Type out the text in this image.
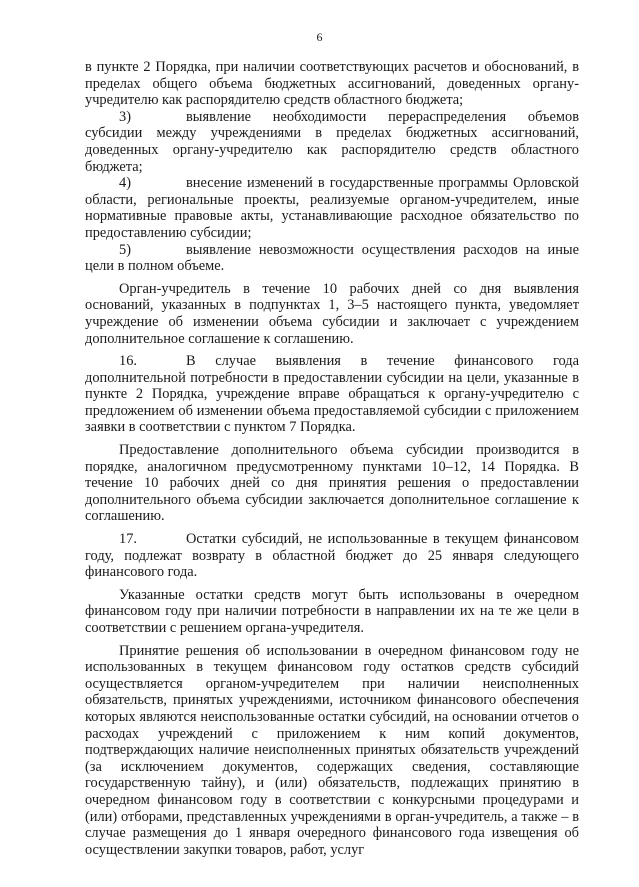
6

в пункте 2 Порядка, при наличии соответствующих расчетов и обоснований, в пределах общего объема бюджетных ассигнований, доведенных органу-учредителю как распорядителю средств областного бюджета;

3)	выявление необходимости перераспределения объемов субсидии между учреждениями в пределах бюджетных ассигнований, доведенных органу-учредителю как распорядителю средств областного бюджета;

4)	внесение изменений в государственные программы Орловской области, региональные проекты, реализуемые органом-учредителем, иные нормативные правовые акты, устанавливающие расходное обязательство по предоставлению субсидии;

5)	выявление невозможности осуществления расходов на иные цели в полном объеме.

Орган-учредитель в течение 10 рабочих дней со дня выявления оснований, указанных в подпунктах 1, 3–5 настоящего пункта, уведомляет учреждение об изменении объема субсидии и заключает с учреждением дополнительное соглашение к соглашению.

16.	В случае выявления в течение финансового года дополнительной потребности в предоставлении субсидии на цели, указанные в пункте 2 Порядка, учреждение вправе обращаться к органу-учредителю с предложением об изменении объема предоставляемой субсидии с приложением заявки в соответствии с пунктом 7 Порядка.

Предоставление дополнительного объема субсидии производится в порядке, аналогичном предусмотренному пунктами 10–12, 14 Порядка. В течение 10 рабочих дней со дня принятия решения о предоставлении дополнительного объема субсидии заключается дополнительное соглашение к соглашению.

17.	Остатки субсидий, не использованные в текущем финансовом году, подлежат возврату в областной бюджет до 25 января следующего финансового года.

Указанные остатки средств могут быть использованы в очередном финансовом году при наличии потребности в направлении их на те же цели в соответствии с решением органа-учредителя.

Принятие решения об использовании в очередном финансовом году не использованных в текущем финансовом году остатков средств субсидий осуществляется органом-учредителем при наличии неисполненных обязательств, принятых учреждениями, источником финансового обеспечения которых являются неиспользованные остатки субсидий, на основании отчетов о расходах учреждений с приложением к ним копий документов, подтверждающих наличие неисполненных принятых обязательств учреждений (за исключением документов, содержащих сведения, составляющие государственную тайну), и (или) обязательств, подлежащих принятию в очередном финансовом году в соответствии с конкурсными процедурами и (или) отборами, представленных учреждениями в орган-учредитель, а также – в случае размещения до 1 января очередного финансового года извещения об осуществлении закупки товаров, работ, услуг
